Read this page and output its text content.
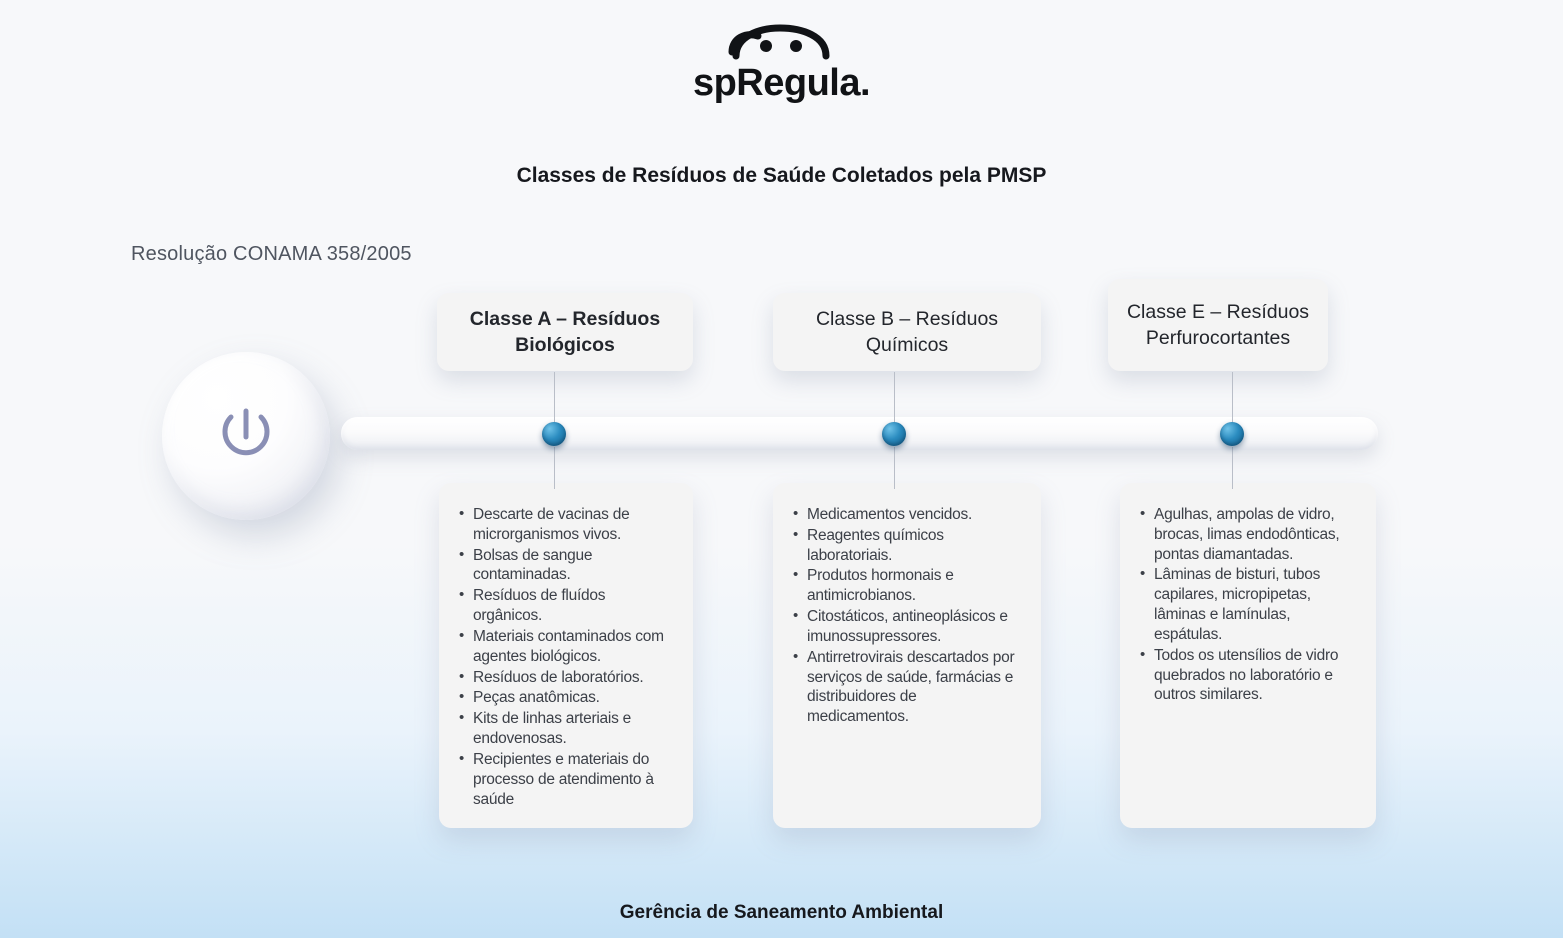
spRegula.
Classes de Resíduos de Saúde Coletados pela PMSP
Resolução CONAMA 358/2005
Classe A – Resíduos Biológicos
Classe B – Resíduos Químicos
Classe E – Resíduos Perfurocortantes
• Descarte de vacinas de microrganismos vivos.
• Bolsas de sangue contaminadas.
• Resíduos de fluídos orgânicos.
• Materiais contaminados com agentes biológicos.
• Resíduos de laboratórios.
• Peças anatômicas.
• Kits de linhas arteriais e endovenosas.
• Recipientes e materiais do processo de atendimento à saúde
• Medicamentos vencidos.
• Reagentes químicos laboratoriais.
• Produtos hormonais e antimicrobianos.
• Citostáticos, antineoplásicos e imunossupressores.
• Antirretrovirais descartados por serviços de saúde, farmácias e distribuidores de medicamentos.
• Agulhas, ampolas de vidro, brocas, limas endodônticas, pontas diamantadas.
• Lâminas de bisturi, tubos capilares, micropipetas, lâminas e lamínulas, espátulas.
• Todos os utensílios de vidro quebrados no laboratório e outros similares.
Gerência de Saneamento Ambiental
